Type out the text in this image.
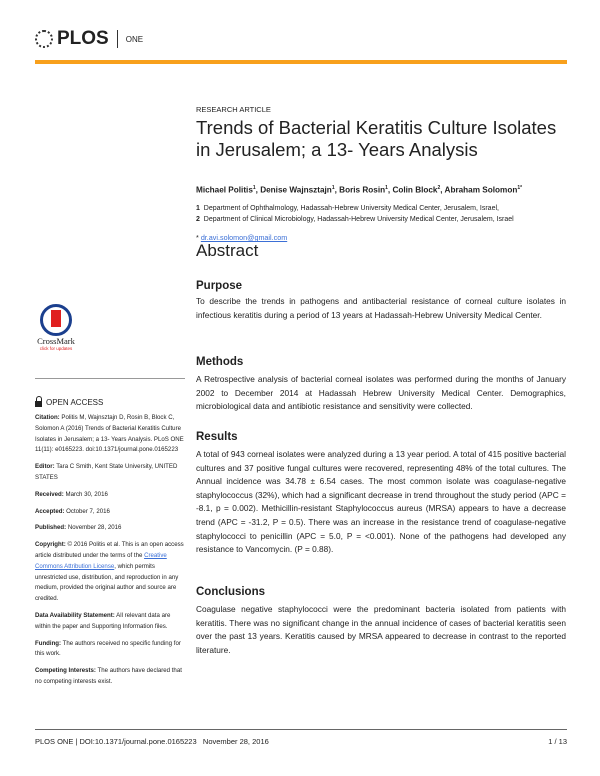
PLOS ONE
RESEARCH ARTICLE
Trends of Bacterial Keratitis Culture Isolates in Jerusalem; a 13- Years Analysis
Michael Politis$^1$, Denise Wajnsztajn$^1$, Boris Rosin$^1$, Colin Block$^2$, Abraham Solomon$^{1*}$
1 Department of Ophthalmology, Hadassah-Hebrew University Medical Center, Jerusalem, Israel,
2 Department of Clinical Microbiology, Hadassah-Hebrew University Medical Center, Jerusalem, Israel
* dr.avi.solomon@gmail.com
Abstract
Purpose
To describe the trends in pathogens and antibacterial resistance of corneal culture isolates in infectious keratitis during a period of 13 years at Hadassah-Hebrew University Medical Center.
Methods
A Retrospective analysis of bacterial corneal isolates was performed during the months of January 2002 to December 2014 at Hadassah Hebrew University Medical Center. Demographics, microbiological data and antibiotic resistance and sensitivity were collected.
Results
A total of 943 corneal isolates were analyzed during a 13 year period. A total of 415 positive bacterial cultures and 37 positive fungal cultures were recovered, representing 48% of the total cultures. The Annual incidence was 34.78 ± 6.54 cases. The most common isolate was coagulase-negative staphylococcus (32%), which had a significant decrease in trend throughout the study period (APC = -8.1, p = 0.002). Methicillin-resistant Staphylococcus aureus (MRSA) appears to have a decrease trend (APC = -31.2, P = 0.5). There was an increase in the resistance trend of coagulase-negative staphylococci to penicillin (APC = 5.0, P = <0.001). None of the pathogens had developed any resistance to Vancomycin. (P = 0.88).
Conclusions
Coagulase negative staphylococci were the predominant bacteria isolated from patients with keratitis. There was no significant change in the annual incidence of cases of bacterial keratitis seen over the past 13 years. Keratitis caused by MRSA appeared to decrease in contrast to the reported literature.
CrossMark
click for updates
OPEN ACCESS
Citation: Politis M, Wajnsztajn D, Rosin B, Block C, Solomon A (2016) Trends of Bacterial Keratitis Culture Isolates in Jerusalem; a 13- Years Analysis. PLoS ONE 11(11): e0165223. doi:10.1371/journal.pone.0165223
Editor: Tara C Smith, Kent State University, UNITED STATES
Received: March 30, 2016
Accepted: October 7, 2016
Published: November 28, 2016
Copyright: © 2016 Politis et al. This is an open access article distributed under the terms of the Creative Commons Attribution License, which permits unrestricted use, distribution, and reproduction in any medium, provided the original author and source are credited.
Data Availability Statement: All relevant data are within the paper and Supporting Information files.
Funding: The authors received no specific funding for this work.
Competing Interests: The authors have declared that no competing interests exist.
PLOS ONE | DOI:10.1371/journal.pone.0165223 November 28, 2016	1 / 13
